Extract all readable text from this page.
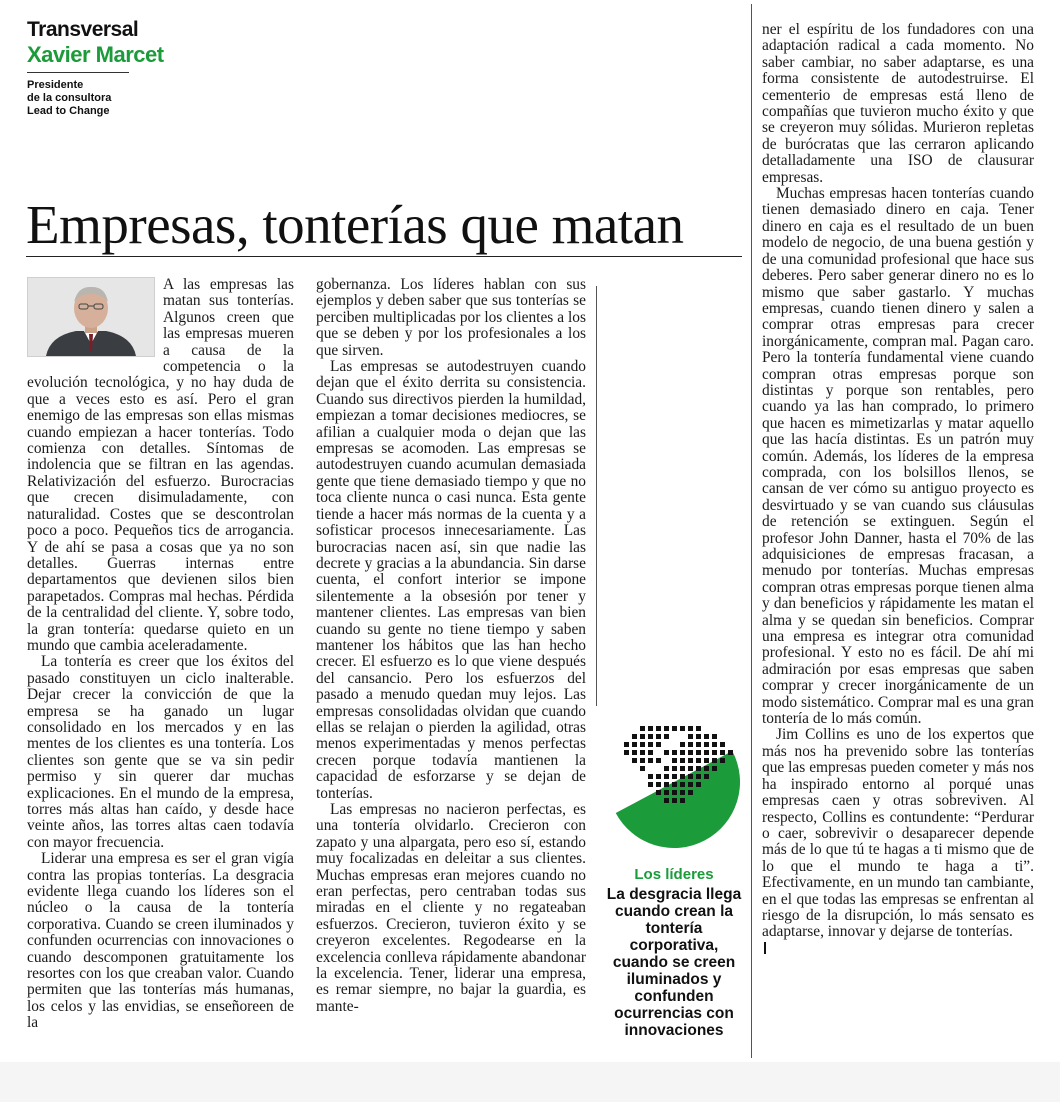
Transversal
Xavier Marcet
Presidente
de la consultora
Lead to Change
Empresas, tonterías que matan

A las empresas las matan sus tonterías. Algunos creen que las empresas mueren a causa de la competencia o la evolución tecnológica, y no hay duda de que a veces esto es así. Pero el gran enemigo de las empresas son ellas mismas cuando empiezan a hacer tonterías. Todo comienza con detalles. Síntomas de indolencia que se filtran en las agendas. Relativización del esfuerzo. Burocracias que crecen disimuladamente, con naturalidad. Costes que se descontrolan poco a poco. Pequeños tics de arrogancia. Y de ahí se pasa a cosas que ya no son detalles. Guerras internas entre departamentos que devienen silos bien parapetados. Compras mal hechas. Pérdida de la centralidad del cliente. Y, sobre todo, la gran tontería: quedarse quieto en un mundo que cambia aceleradamente.

La tontería es creer que los éxitos del pasado constituyen un ciclo inalterable. Dejar crecer la convicción de que la empresa se ha ganado un lugar consolidado en los mercados y en las mentes de los clientes es una tontería. Los clientes son gente que se va sin pedir permiso y sin querer dar muchas explicaciones. En el mundo de la empresa, torres más altas han caído, y desde hace veinte años, las torres altas caen todavía con mayor frecuencia.

Liderar una empresa es ser el gran vigía contra las propias tonterías. La desgracia evidente llega cuando los líderes son el núcleo o la causa de la tontería corporativa. Cuando se creen iluminados y confunden ocurrencias con innovaciones o cuando descomponen gratuitamente los resortes con los que creaban valor. Cuando permiten que las tonterías más humanas, los celos y las envidias, se enseñoreen de la

gobernanza. Los líderes hablan con sus ejemplos y deben saber que sus tonterías se perciben multiplicadas por los clientes a los que se deben y por los profesionales a los que sirven.

Las empresas se autodestruyen cuando dejan que el éxito derrita su consistencia. Cuando sus directivos pierden la humildad, empiezan a tomar decisiones mediocres, se afilian a cualquier moda o dejan que las empresas se acomoden. Las empresas se autodestruyen cuando acumulan demasiada gente que tiene demasiado tiempo y que no toca cliente nunca o casi nunca. Esta gente tiende a hacer más normas de la cuenta y a sofisticar procesos innecesariamente. Las burocracias nacen así, sin que nadie las decrete y gracias a la abundancia. Sin darse cuenta, el confort interior se impone silentemente a la obsesión por tener y mantener clientes. Las empresas van bien cuando su gente no tiene tiempo y saben mantener los hábitos que las han hecho crecer. El esfuerzo es lo que viene después del cansancio. Pero los esfuerzos del pasado a menudo quedan muy lejos. Las empresas consolidadas olvidan que cuando ellas se relajan o pierden la agilidad, otras menos experimentadas y menos perfectas crecen porque todavía mantienen la capacidad de esforzarse y se dejan de tonterías.

Las empresas no nacieron perfectas, es una tontería olvidarlo. Crecieron con zapato y una alpargata, pero eso sí, estando muy focalizadas en deleitar a sus clientes. Muchas empresas eran mejores cuando no eran perfectas, pero centraban todas sus miradas en el cliente y no regateaban esfuerzos. Crecieron, tuvieron éxito y se creyeron excelentes. Regodearse en la excelencia conlleva rápidamente abandonar la excelencia. Tener, liderar una empresa, es remar siempre, no bajar la guardia, es mante-

ner el espíritu de los fundadores con una adaptación radical a cada momento. No saber cambiar, no saber adaptarse, es una forma consistente de autodestruirse. El cementerio de empresas está lleno de compañías que tuvieron mucho éxito y que se creyeron muy sólidas. Murieron repletas de burócratas que las cerraron aplicando detalladamente una ISO de clausurar empresas.

Muchas empresas hacen tonterías cuando tienen demasiado dinero en caja. Tener dinero en caja es el resultado de un buen modelo de negocio, de una buena gestión y de una comunidad profesional que hace sus deberes. Pero saber generar dinero no es lo mismo que saber gastarlo. Y muchas empresas, cuando tienen dinero y salen a comprar otras empresas para crecer inorgánicamente, compran mal. Pagan caro. Pero la tontería fundamental viene cuando compran otras empresas porque son distintas y porque son rentables, pero cuando ya las han comprado, lo primero que hacen es mimetizarlas y matar aquello que las hacía distintas. Es un patrón muy común. Además, los líderes de la empresa comprada, con los bolsillos llenos, se cansan de ver cómo su antiguo proyecto es desvirtuado y se van cuando sus cláusulas de retención se extinguen. Según el profesor John Danner, hasta el 70% de las adquisiciones de empresas fracasan, a menudo por tonterías. Muchas empresas compran otras empresas porque tienen alma y dan beneficios y rápidamente les matan el alma y se quedan sin beneficios. Comprar una empresa es integrar otra comunidad profesional. Y esto no es fácil. De ahí mi admiración por esas empresas que saben comprar y crecer inorgánicamente de un modo sistemático. Comprar mal es una gran tontería de lo más común.

Jim Collins es uno de los expertos que más nos ha prevenido sobre las tonterías que las empresas pueden cometer y más nos ha inspirado entorno al porqué unas empresas caen y otras sobreviven. Al respecto, Collins es contundente: “Perdurar o caer, sobrevivir o desaparecer depende más de lo que tú te hagas a ti mismo que de lo que el mundo te haga a ti”. Efectivamente, en un mundo tan cambiante, en el que todas las empresas se enfrentan al riesgo de la disrupción, lo más sensato es adaptarse, innovar y dejarse de tonterías.

Los líderes
La desgracia llega cuando crean la tontería corporativa, cuando se creen iluminados y confunden ocurrencias con innovaciones
